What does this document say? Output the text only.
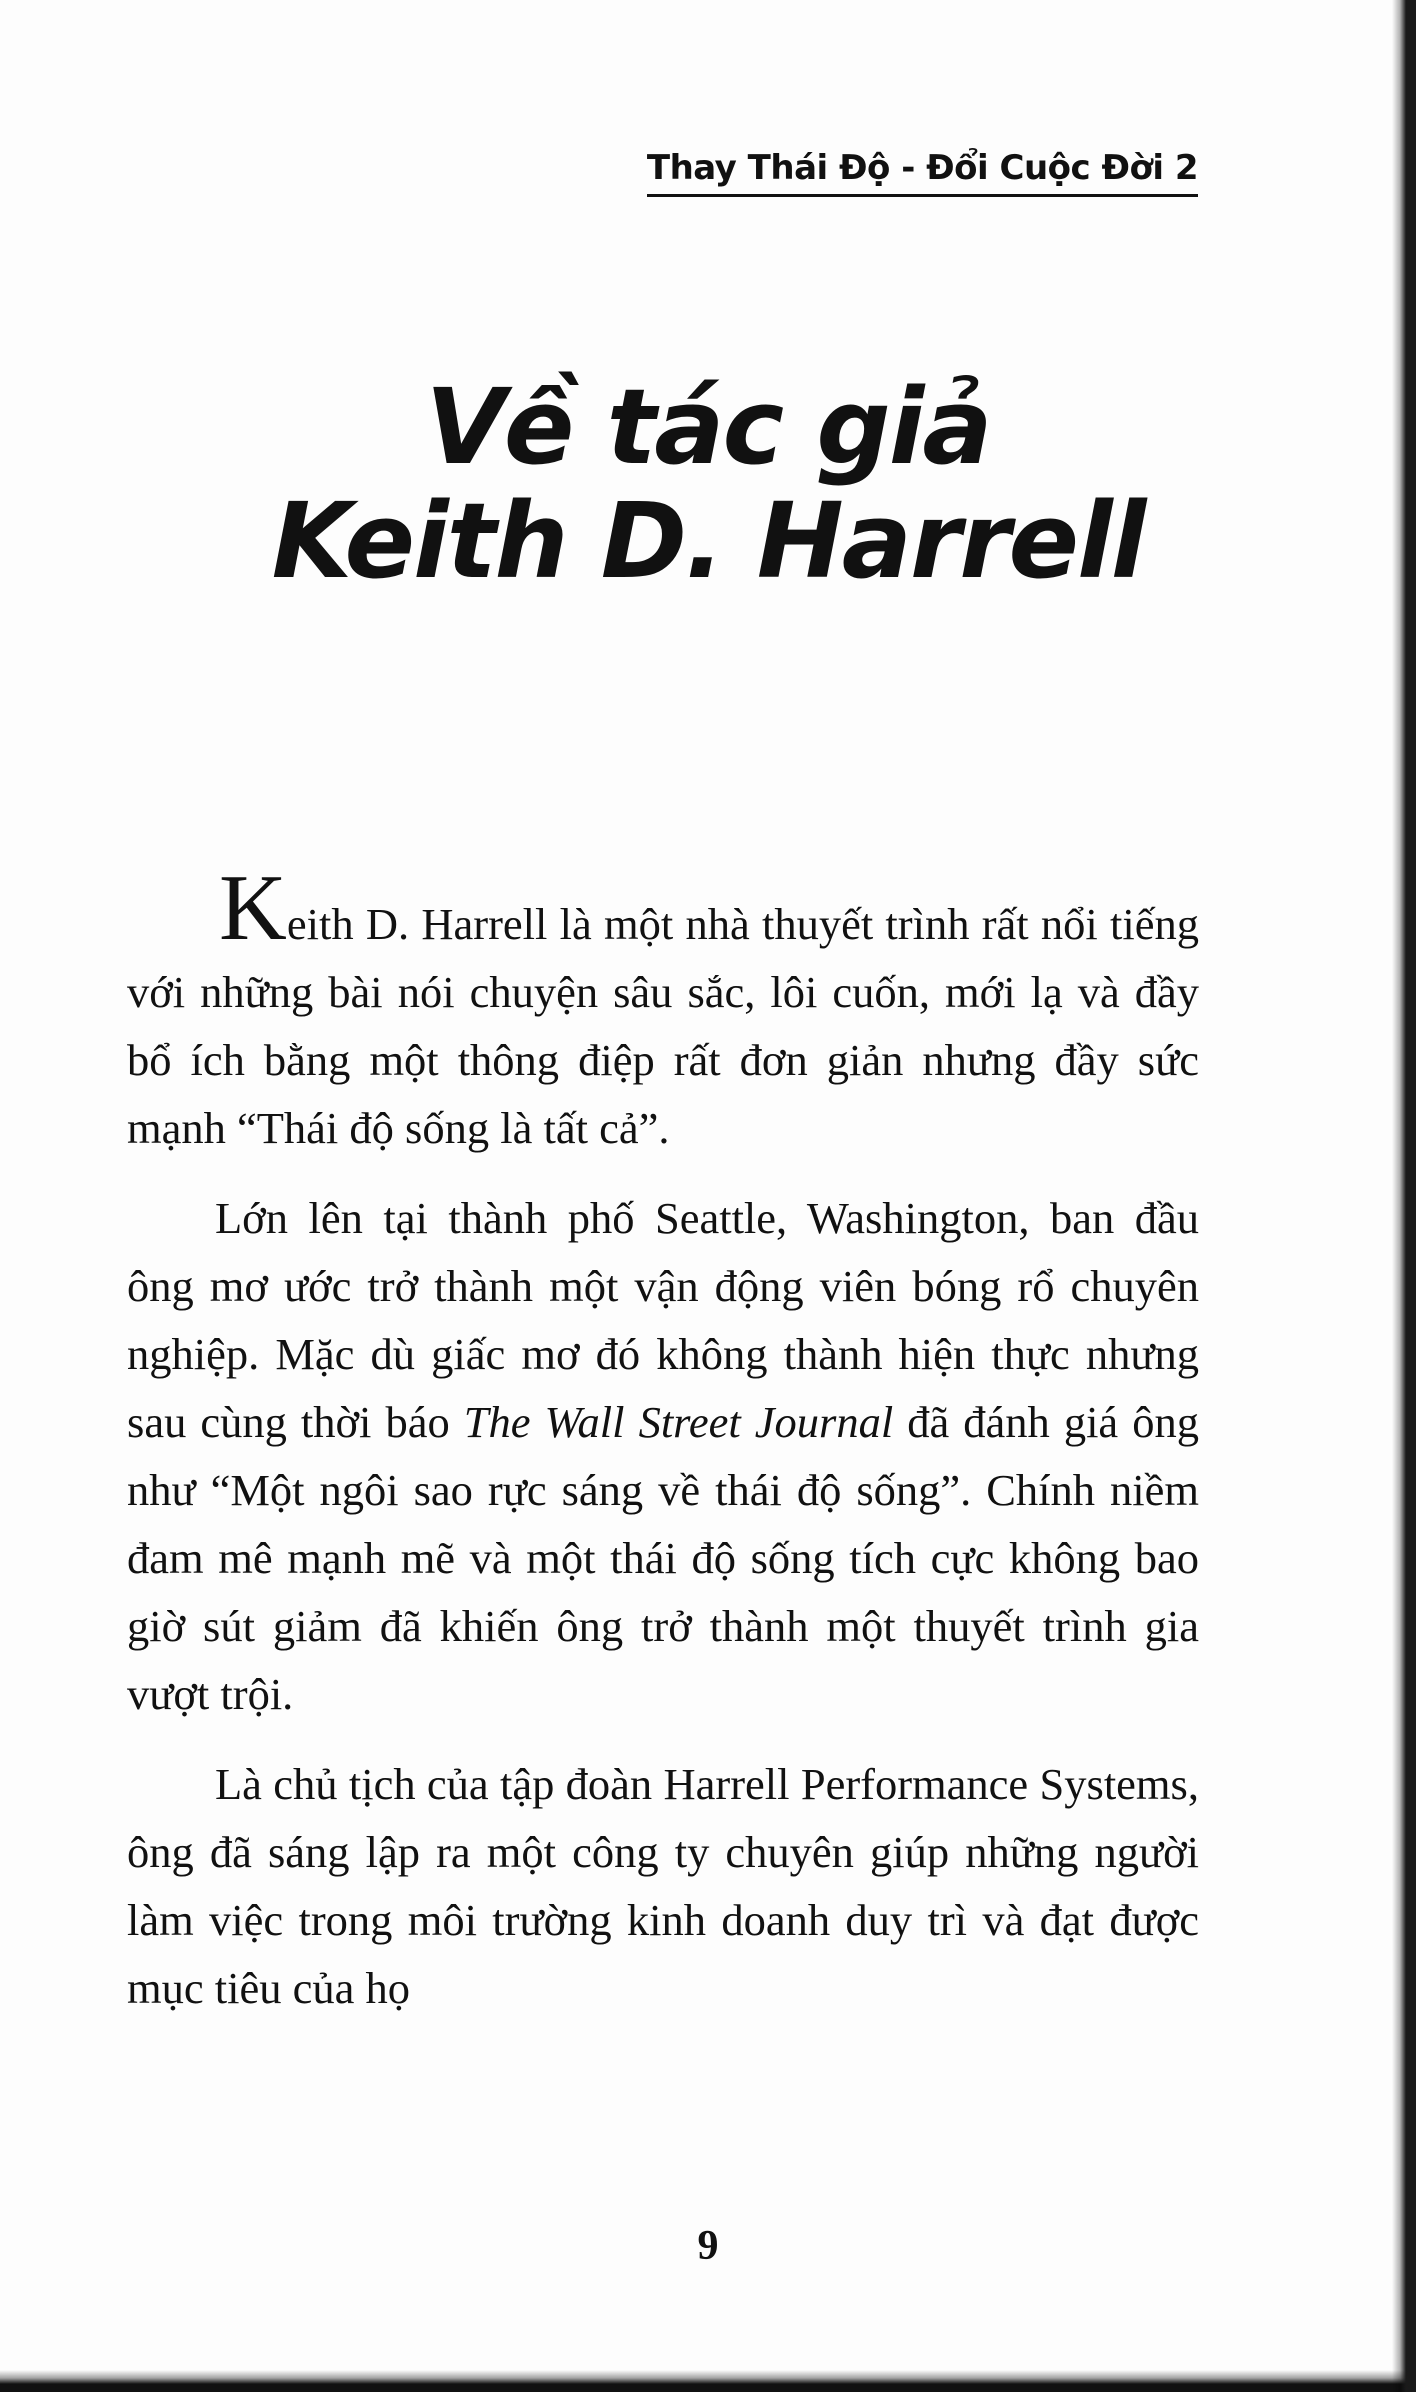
Thay Thái Độ - Đổi Cuộc Đời 2
Về tác giả
Keith D. Harrell

Keith D. Harrell là một nhà thuyết trình rất nổi tiếng với những bài nói chuyện sâu sắc, lôi cuốn, mới lạ và đầy bổ ích bằng một thông điệp rất đơn giản nhưng đầy sức mạnh “Thái độ sống là tất cả”.

Lớn lên tại thành phố Seattle, Washington, ban đầu ông mơ ước trở thành một vận động viên bóng rổ chuyên nghiệp. Mặc dù giấc mơ đó không thành hiện thực nhưng sau cùng thời báo The Wall Street Journal đã đánh giá ông như “Một ngôi sao rực sáng về thái độ sống”. Chính niềm đam mê mạnh mẽ và một thái độ sống tích cực không bao giờ sút giảm đã khiến ông trở thành một thuyết trình gia vượt trội.

Là chủ tịch của tập đoàn Harrell Performance Systems, ông đã sáng lập ra một công ty chuyên giúp những người làm việc trong môi trường kinh doanh duy trì và đạt được mục tiêu của họ

9
